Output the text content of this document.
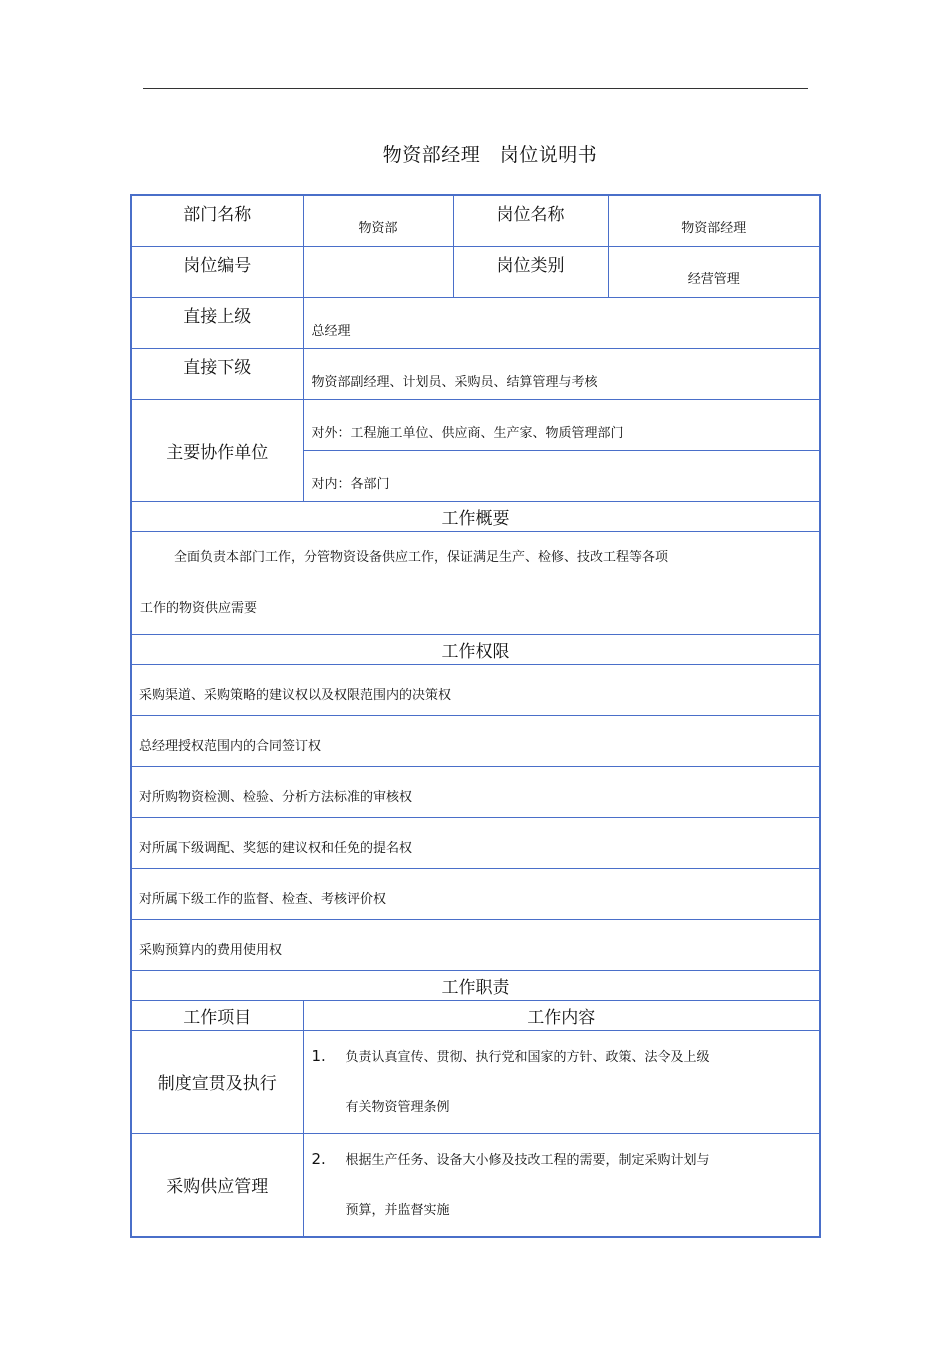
物资部经理　岗位说明书
部门名称	物资部	岗位名称	物资部经理
岗位编号		岗位类别	经营管理
直接上级	总经理		
直接下级	物资部副经理、计划员、采购员、结算管理与考核		
主要协作单位	对外：工程施工单位、供应商、生产家、物质管理部门		
	对内：各部门		
工作概要			

全面负责本部门工作，分管物资设备供应工作，保证满足生产、检修、技改工程等各项
工作的物资供应需要			

工作权限			
采购渠道、采购策略的建议权以及权限范围内的决策权			
总经理授权范围内的合同签订权			
对所购物资检测、检验、分析方法标准的审核权			
对所属下级调配、奖惩的建议权和任免的提名权			
对所属下级工作的监督、检查、考核评价权			
采购预算内的费用使用权			
工作职责			
工作项目	工作内容		
制度宣贯及执行	1. 负责认真宣传、贯彻、执行党和国家的方针、政策、法令及上级
有关物资管理条例		

采购供应管理	2. 根据生产任务、设备大小修及技改工程的需要，制定采购计划与
预算，并监督实施		
